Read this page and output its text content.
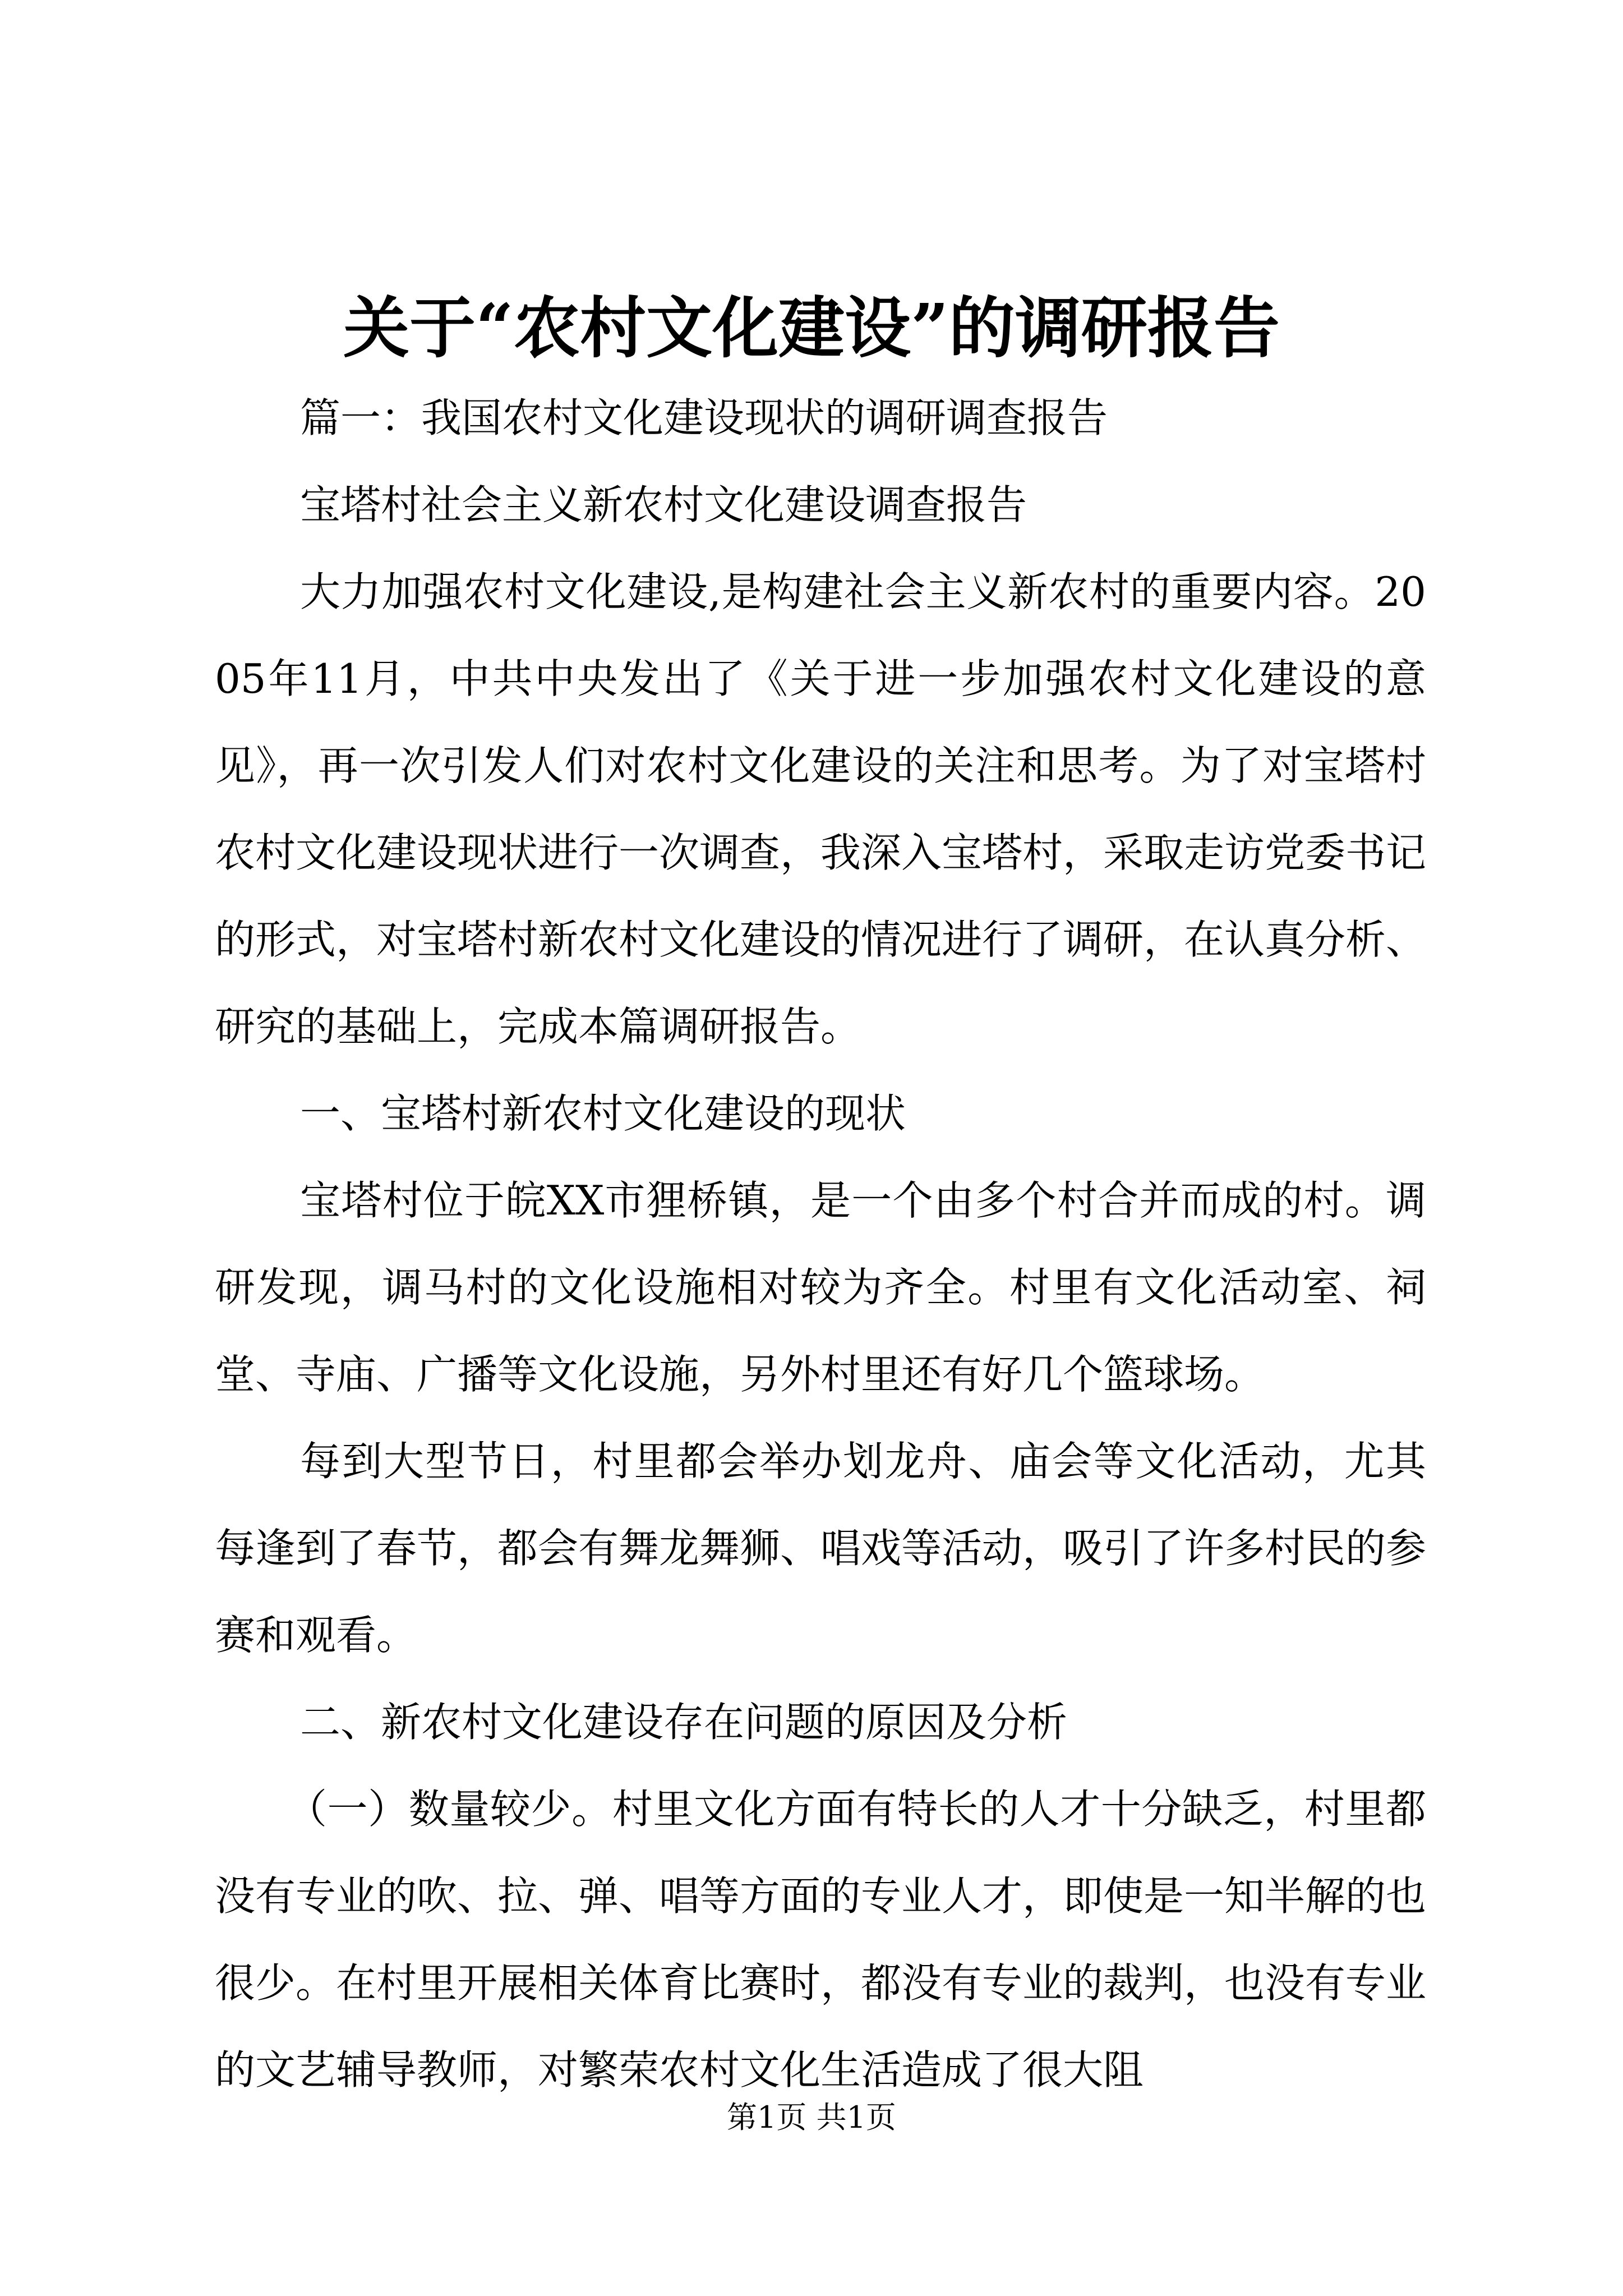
关于“农村文化建设”的调研报告

篇一：我国农村文化建设现状的调研调查报告

宝塔村社会主义新农村文化建设调查报告

大力加强农村文化建设,是构建社会主义新农村的重要内容。2005年11月，中共中央发出了《关于进一步加强农村文化建设的意见》，再一次引发人们对农村文化建设的关注和思考。为了对宝塔村农村文化建设现状进行一次调查，我深入宝塔村，采取走访党委书记的形式，对宝塔村新农村文化建设的情况进行了调研，在认真分析、研究的基础上，完成本篇调研报告。

一、宝塔村新农村文化建设的现状

宝塔村位于皖XX市狸桥镇，是一个由多个村合并而成的村。调研发现，调马村的文化设施相对较为齐全。村里有文化活动室、祠堂、寺庙、广播等文化设施，另外村里还有好几个篮球场。

每到大型节日，村里都会举办划龙舟、庙会等文化活动，尤其每逢到了春节，都会有舞龙舞狮、唱戏等活动，吸引了许多村民的参赛和观看。

二、新农村文化建设存在问题的原因及分析

（一）数量较少。村里文化方面有特长的人才十分缺乏，村里都没有专业的吹、拉、弹、唱等方面的专业人才，即使是一知半解的也很少。在村里开展相关体育比赛时，都没有专业的裁判，也没有专业的文艺辅导教师，对繁荣农村文化生活造成了很大阻

第1页 共1页
